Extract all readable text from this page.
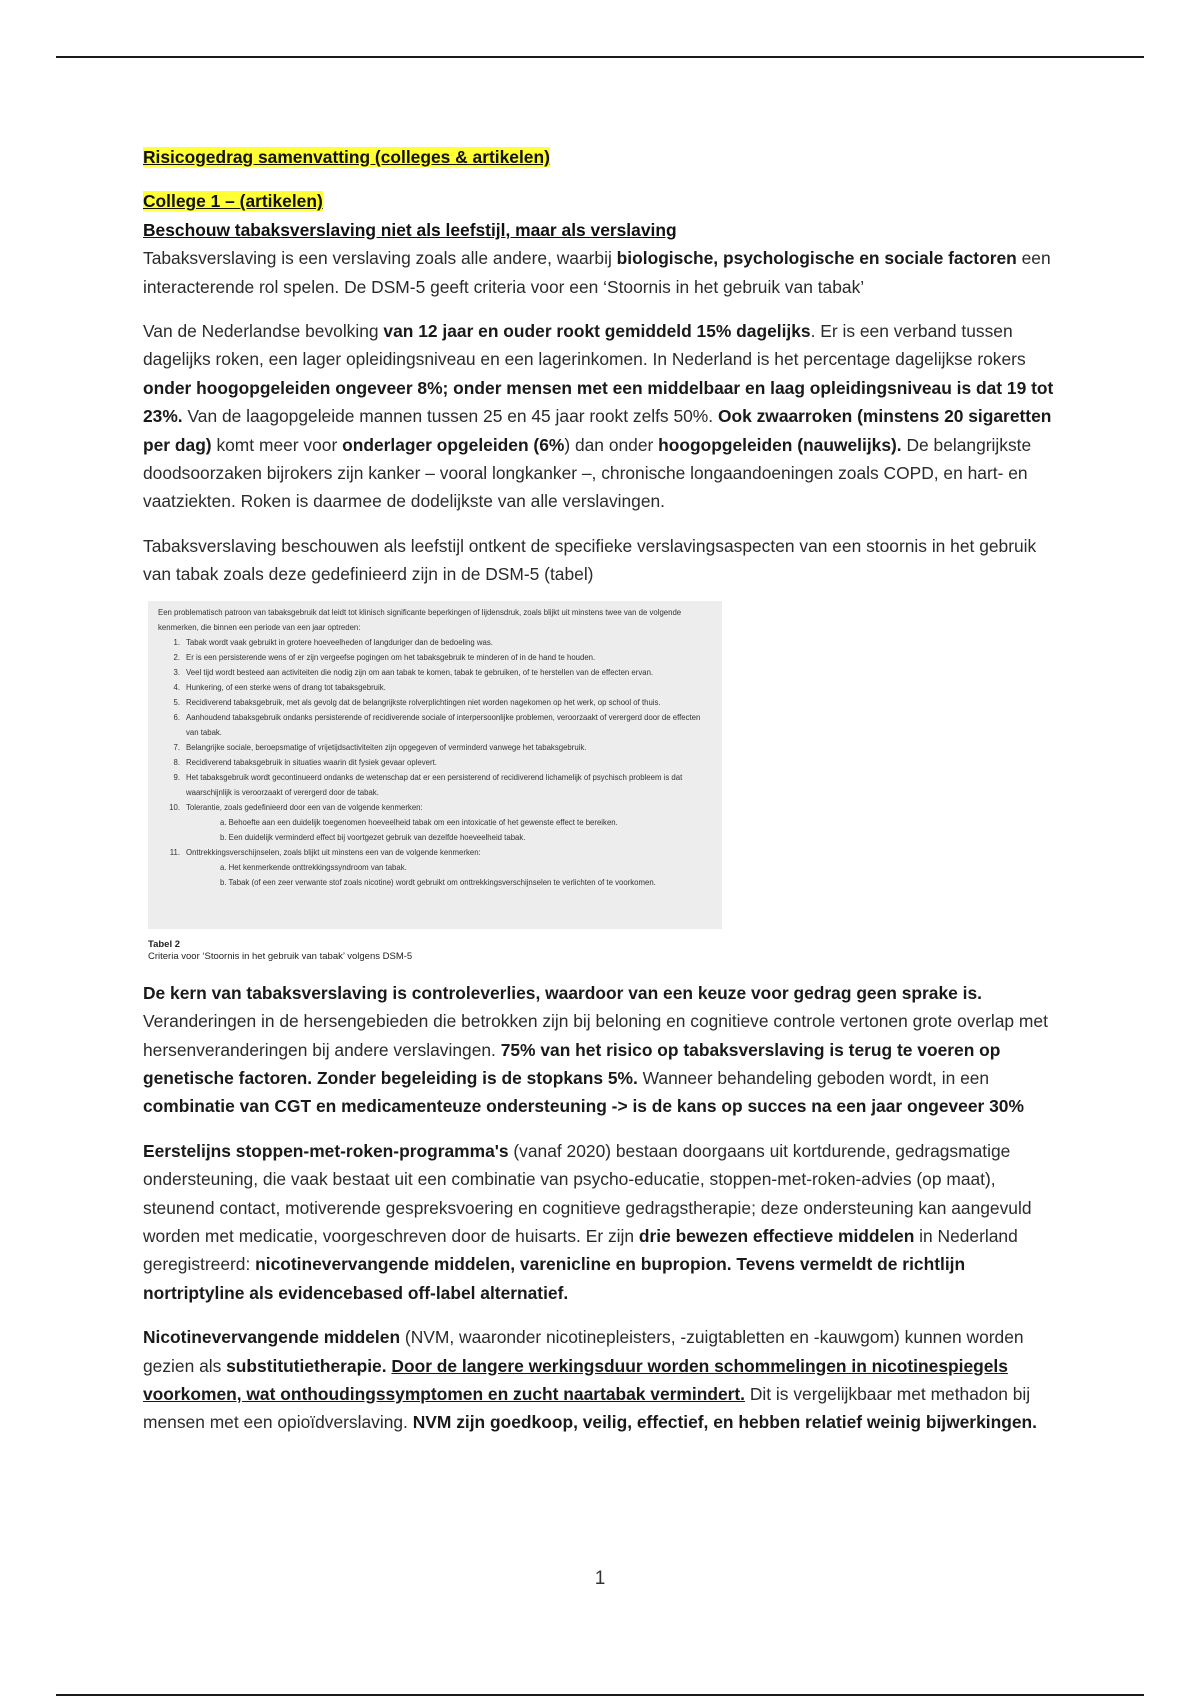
Risicogedrag samenvatting (colleges & artikelen)

College 1 – (artikelen)

Beschouw tabaksverslaving niet als leefstijl, maar als verslaving

Tabaksverslaving is een verslaving zoals alle andere, waarbij biologische, psychologische en sociale factoren een interacterende rol spelen. De DSM-5 geeft criteria voor een ‘Stoornis in het gebruik van tabak’

Van de Nederlandse bevolking van 12 jaar en ouder rookt gemiddeld 15% dagelijks. Er is een verband tussen dagelijks roken, een lager opleidingsniveau en een lagerinkomen. In Nederland is het percentage dagelijkse rokers onder hoogopgeleiden ongeveer 8%; onder mensen met een middelbaar en laag opleidingsniveau is dat 19 tot 23%. Van de laagopgeleide mannen tussen 25 en 45 jaar rookt zelfs 50%. Ook zwaarroken (minstens 20 sigaretten per dag) komt meer voor onderlager opgeleiden (6%) dan onder hoogopgeleiden (nauwelijks). De belangrijkste doodsoorzaken bijrokers zijn kanker – vooral longkanker –, chronische longaandoeningen zoals COPD, en hart- en vaatziekten. Roken is daarmee de dodelijkste van alle verslavingen.

Tabaksverslaving beschouwen als leefstijl ontkent de specifieke verslavingsaspecten van een stoornis in het gebruik van tabak zoals deze gedefinieerd zijn in de DSM-5 (tabel)

Een problematisch patroon van tabaksgebruik dat leidt tot klinisch significante beperkingen of lijdensdruk, zoals blijkt uit minstens twee van de volgende kenmerken, die binnen een periode van een jaar optreden:

1. Tabak wordt vaak gebruikt in grotere hoeveelheden of langduriger dan de bedoeling was.
2. Er is een persisterende wens of er zijn vergeefse pogingen om het tabaksgebruik te minderen of in de hand te houden.
3. Veel tijd wordt besteed aan activiteiten die nodig zijn om aan tabak te komen, tabak te gebruiken, of te herstellen van de effecten ervan.
4. Hunkering, of een sterke wens of drang tot tabaksgebruik.
5. Recidiverend tabaksgebruik, met als gevolg dat de belangrijkste rolverplichtingen niet worden nagekomen op het werk, op school of thuis.
6. Aanhoudend tabaksgebruik ondanks persisterende of recidiverende sociale of interpersoonlijke problemen, veroorzaakt of verergerd door de effecten van tabak.
7. Belangrijke sociale, beroepsmatige of vrijetijdsactiviteiten zijn opgegeven of verminderd vanwege het tabaksgebruik.
8. Recidiverend tabaksgebruik in situaties waarin dit fysiek gevaar oplevert.
9. Het tabaksgebruik wordt gecontinueerd ondanks de wetenschap dat er een persisterend of recidiverend lichamelijk of psychisch probleem is dat waarschijnlijk is veroorzaakt of verergerd door de tabak.
10. Tolerantie, zoals gedefinieerd door een van de volgende kenmerken:
a. Behoefte aan een duidelijk toegenomen hoeveelheid tabak om een intoxicatie of het gewenste effect te bereiken.
b. Een duidelijk verminderd effect bij voortgezet gebruik van dezelfde hoeveelheid tabak.
11. Onttrekkingsverschijnselen, zoals blijkt uit minstens een van de volgende kenmerken:
a. Het kenmerkende onttrekkingssyndroom van tabak.
b. Tabak (of een zeer verwante stof zoals nicotine) wordt gebruikt om onttrekkingsverschijnselen te verlichten of te voorkomen.
Tabel 2
Criteria voor ‘Stoornis in het gebruik van tabak’ volgens DSM-5

De kern van tabaksverslaving is controleverlies, waardoor van een keuze voor gedrag geen sprake is. Veranderingen in de hersengebieden die betrokken zijn bij beloning en cognitieve controle vertonen grote overlap met hersenveranderingen bij andere verslavingen. 75% van het risico op tabaksverslaving is terug te voeren op genetische factoren. Zonder begeleiding is de stopkans 5%. Wanneer behandeling geboden wordt, in een combinatie van CGT en medicamenteuze ondersteuning -> is de kans op succes na een jaar ongeveer 30%

Eerstelijns stoppen-met-roken-programma's (vanaf 2020) bestaan doorgaans uit kortdurende, gedragsmatige ondersteuning, die vaak bestaat uit een combinatie van psycho-educatie, stoppen-met-roken-advies (op maat), steunend contact, motiverende gespreksvoering en cognitieve gedragstherapie; deze ondersteuning kan aangevuld worden met medicatie, voorgeschreven door de huisarts. Er zijn drie bewezen effectieve middelen in Nederland geregistreerd: nicotinevervangende middelen, varenicline en bupropion. Tevens vermeldt de richtlijn nortriptyline als evidencebased off-label alternatief.

Nicotinevervangende middelen (NVM, waaronder nicotinepleisters, -zuigtabletten en -kauwgom) kunnen worden gezien als substitutietherapie. Door de langere werkingsduur worden schommelingen in nicotinespiegels voorkomen, wat onthoudingssymptomen en zucht naartabak vermindert. Dit is vergelijkbaar met methadon bij mensen met een opioïdverslaving. NVM zijn goedkoop, veilig, effectief, en hebben relatief weinig bijwerkingen.

1
